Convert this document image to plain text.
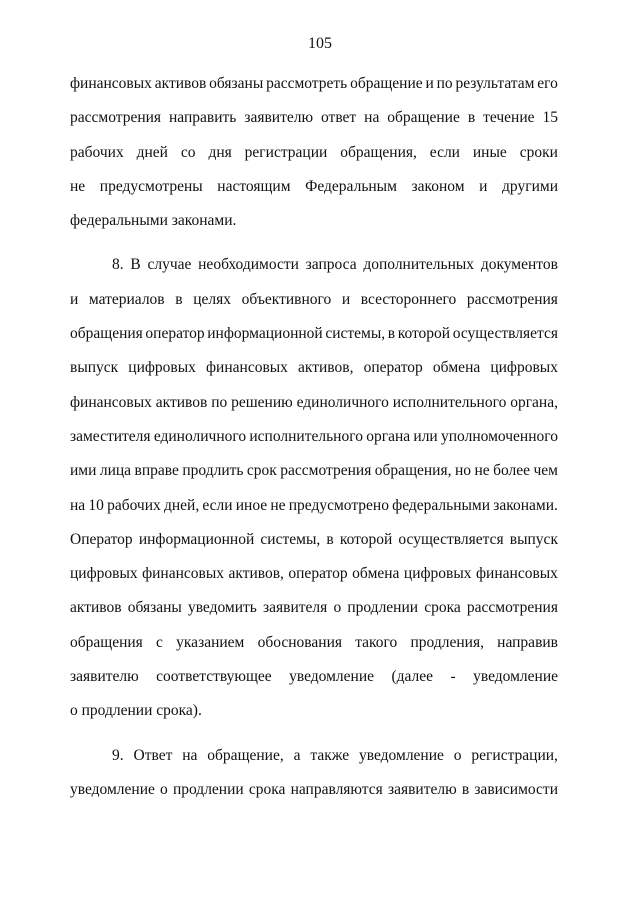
105
финансовых активов обязаны рассмотреть обращение и по результатам его
рассмотрения направить заявителю ответ на обращение в течение 15
рабочих дней со дня регистрации обращения, если иные сроки
не предусмотрены настоящим Федеральным законом и другими
федеральными законами.
8. В случае необходимости запроса дополнительных документов
и материалов в целях объективного и всестороннего рассмотрения
обращения оператор информационной системы, в которой осуществляется
выпуск цифровых финансовых активов, оператор обмена цифровых
финансовых активов по решению единоличного исполнительного органа,
заместителя единоличного исполнительного органа или уполномоченного
ими лица вправе продлить срок рассмотрения обращения, но не более чем
на 10 рабочих дней, если иное не предусмотрено федеральными законами.
Оператор информационной системы, в которой осуществляется выпуск
цифровых финансовых активов, оператор обмена цифровых финансовых
активов обязаны уведомить заявителя о продлении срока рассмотрения
обращения с указанием обоснования такого продления, направив
заявителю соответствующее уведомление (далее - уведомление
о продлении срока).
9. Ответ на обращение, а также уведомление о регистрации,
уведомление о продлении срока направляются заявителю в зависимости
